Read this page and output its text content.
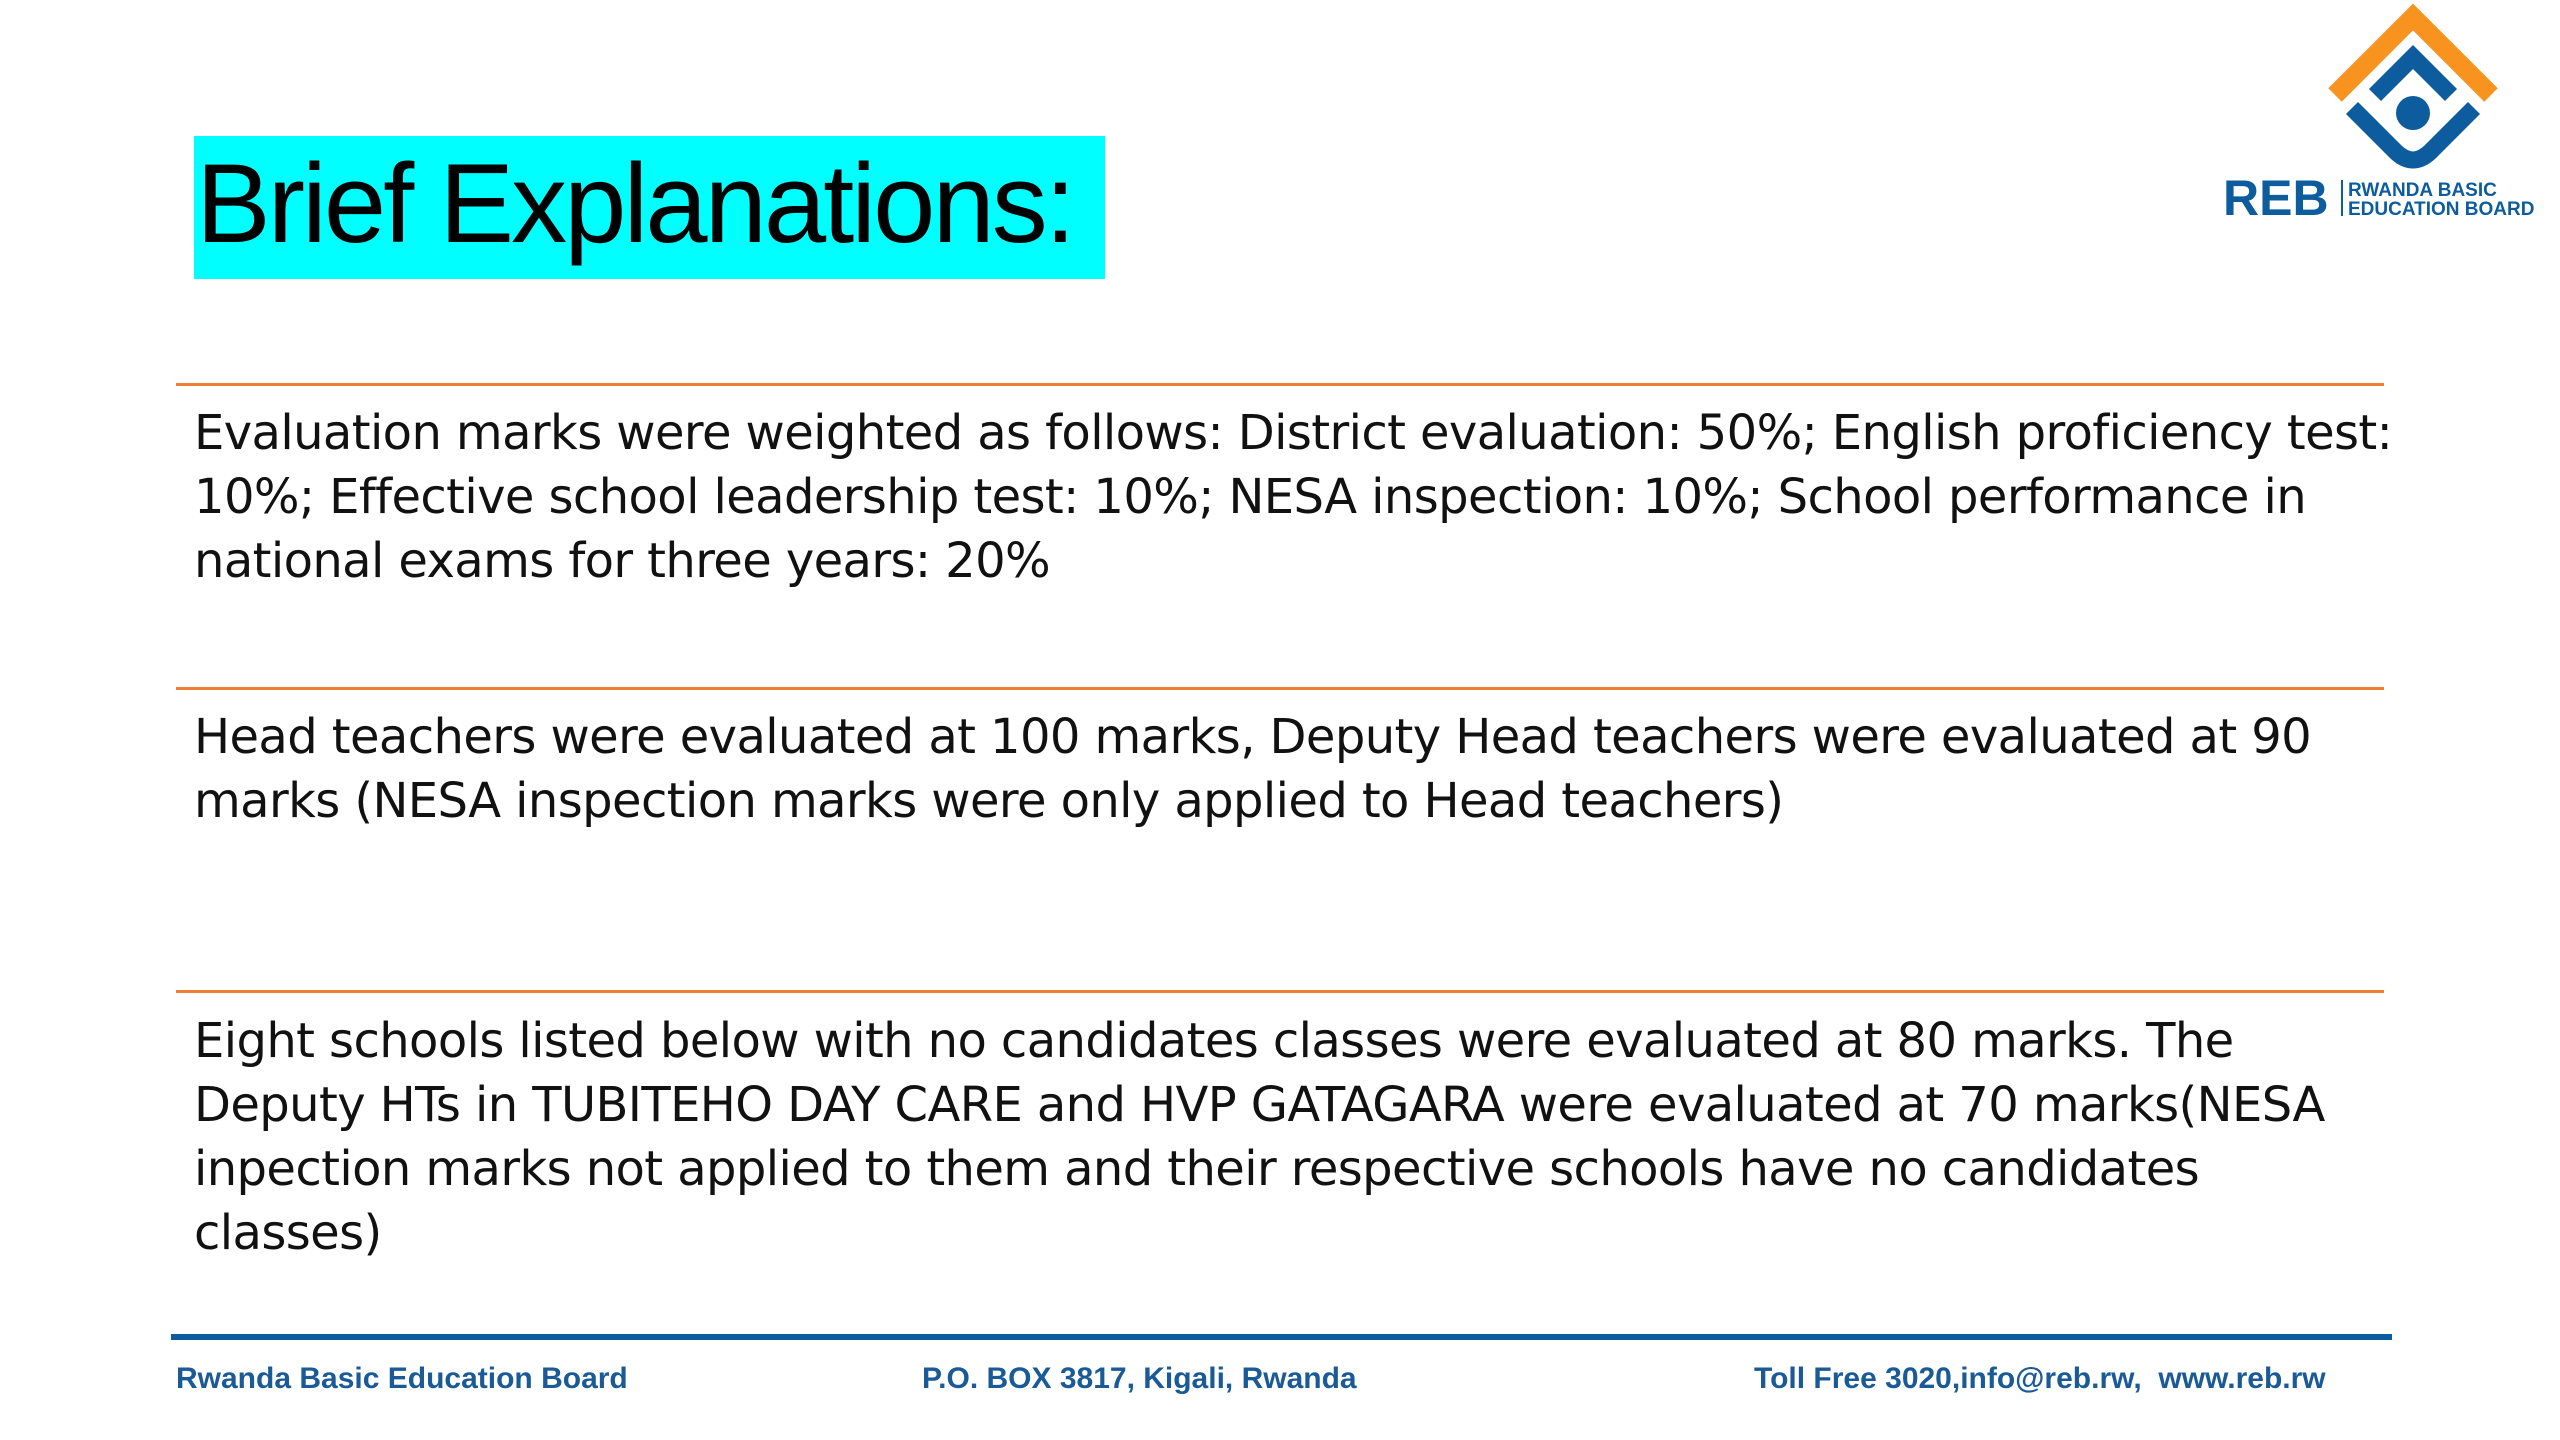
Brief Explanations:	REB RWANDA BASIC
EDUCATION BOARD
Evaluation marks were weighted as follows: District evaluation: 50%; English proficiency test: 10%; Effective school leadership test: 10%; NESA inspection: 10%; School performance in national exams for three years: 20%
Head teachers were evaluated at 100 marks, Deputy Head teachers were evaluated at 90 marks (NESA inspection marks were only applied to Head teachers)
Eight schools listed below with no candidates classes were evaluated at 80 marks. The Deputy HTs in TUBITEHO DAY CARE and HVP GATAGARA were evaluated at 70 marks(NESA inpection marks not applied to them and their respective schools have no candidates classes)
Rwanda Basic Education Board	P.O. BOX 3817, Kigali, Rwanda	Toll Free 3020,info@reb.rw,  www.reb.rw
